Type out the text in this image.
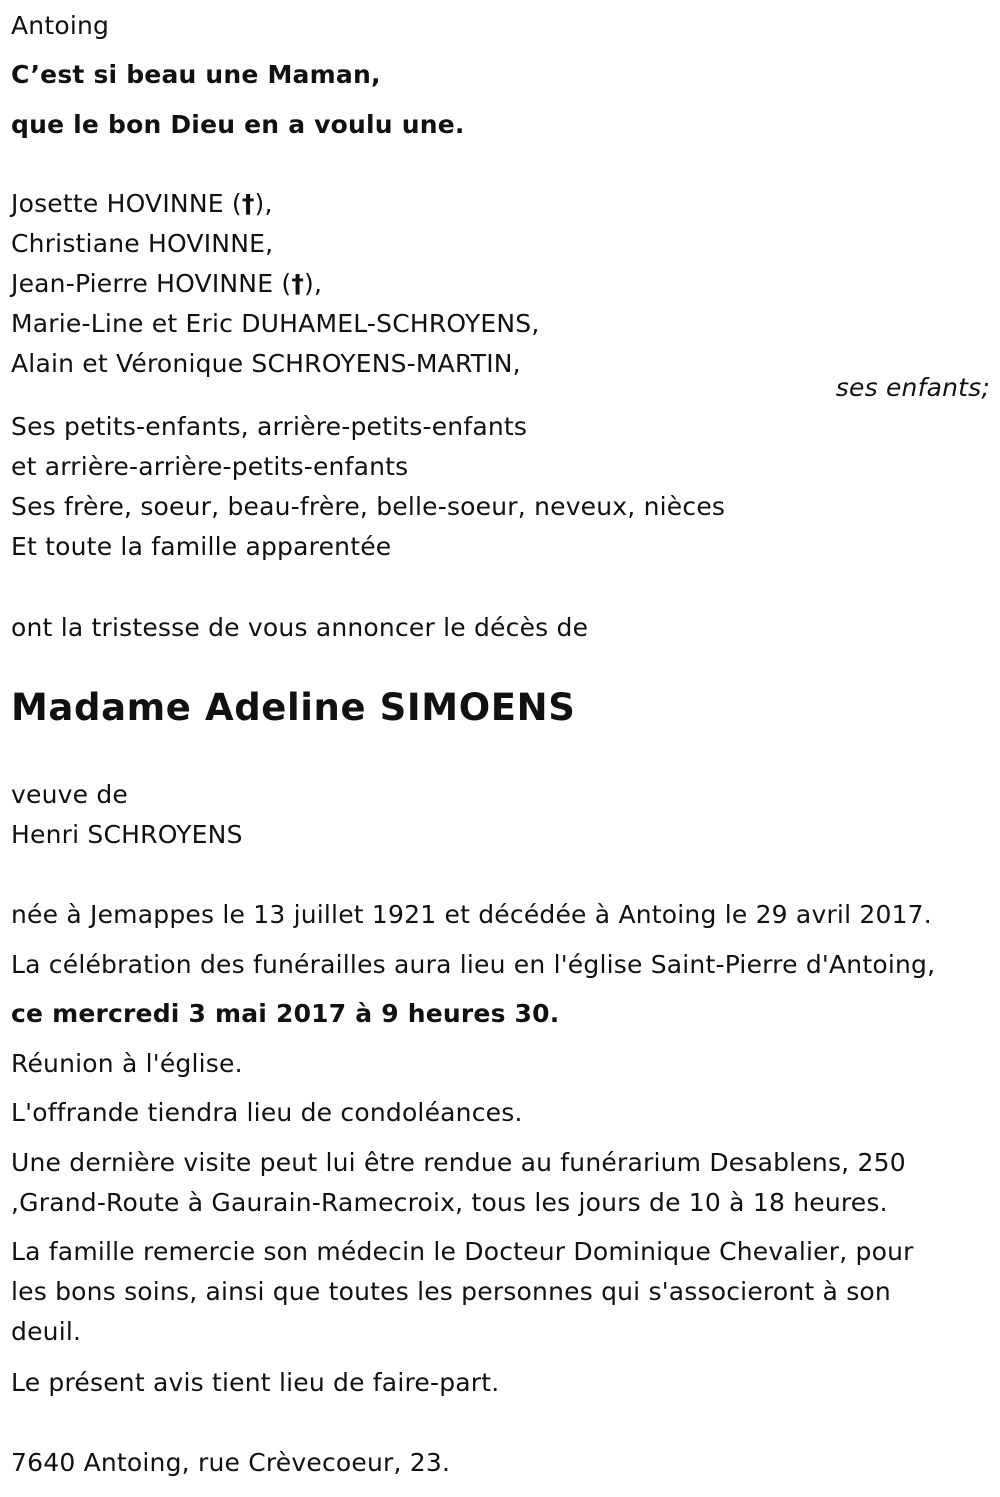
Antoing
C’est si beau une Maman,
que le bon Dieu en a voulu une.
Josette HOVINNE (†),
Christiane HOVINNE,
Jean-Pierre HOVINNE (†),
Marie-Line et Eric DUHAMEL-SCHROYENS,
Alain et Véronique SCHROYENS-MARTIN,
ses enfants;
Ses petits-enfants, arrière-petits-enfants
et arrière-arrière-petits-enfants
Ses frère, soeur, beau-frère, belle-soeur, neveux, nièces
Et toute la famille apparentée
ont la tristesse de vous annoncer le décès de
Madame Adeline SIMOENS
veuve de
Henri SCHROYENS
née à Jemappes le 13 juillet 1921 et décédée à Antoing le 29 avril 2017.
La célébration des funérailles aura lieu en l'église Saint-Pierre d'Antoing,
ce mercredi 3 mai 2017 à 9 heures 30.
Réunion à l'église.
L'offrande tiendra lieu de condoléances.
Une dernière visite peut lui être rendue au funérarium Desablens, 250
,Grand-Route à Gaurain-Ramecroix, tous les jours de 10 à 18 heures.
La famille remercie son médecin le Docteur Dominique Chevalier, pour
les bons soins, ainsi que toutes les personnes qui s'associeront à son
deuil.
Le présent avis tient lieu de faire-part.
7640 Antoing, rue Crèvecoeur, 23.
